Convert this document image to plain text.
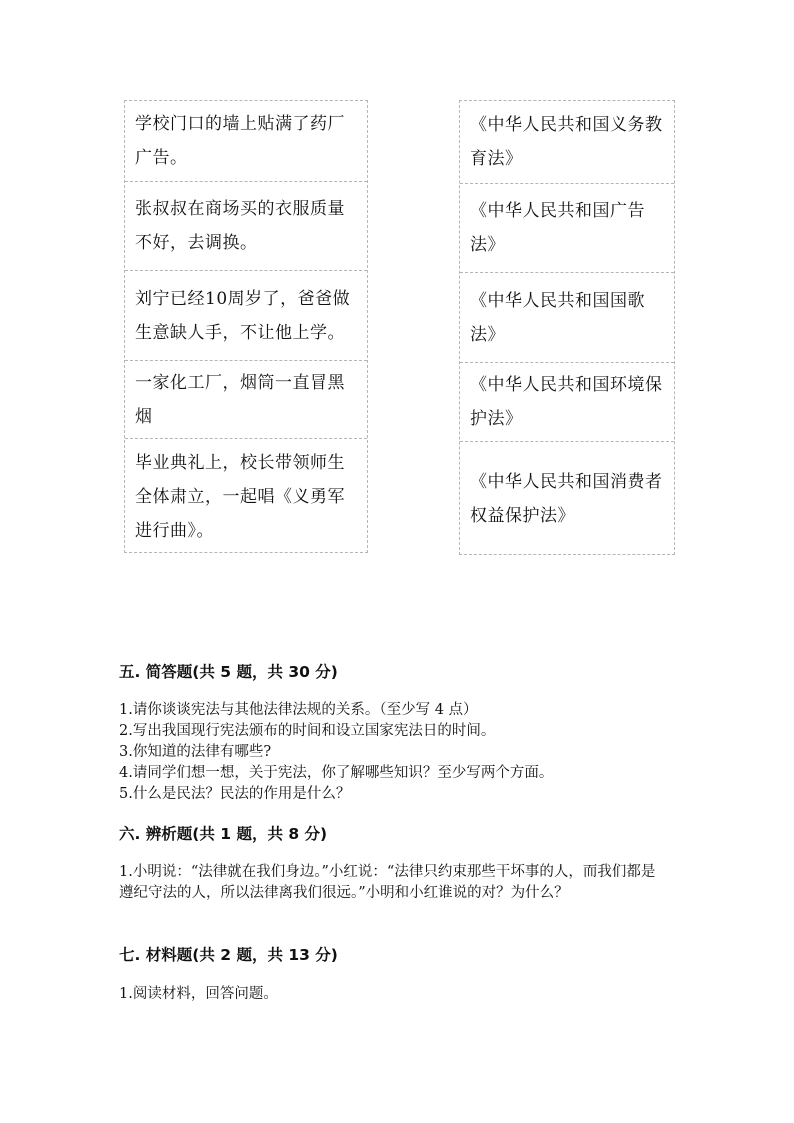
学校门口的墙上贴满了药厂广告。
张叔叔在商场买的衣服质量不好，去调换。
刘宁已经10周岁了，爸爸做生意缺人手，不让他上学。
一家化工厂，烟筒一直冒黑烟
毕业典礼上，校长带领师生全体肃立，一起唱《义勇军进行曲》。
《中华人民共和国义务教育法》
《中华人民共和国广告法》
《中华人民共和国国歌法》
《中华人民共和国环境保护法》
《中华人民共和国消费者权益保护法》
五. 简答题(共 5 题，共 30 分)
1.请你谈谈宪法与其他法律法规的关系。（至少写 4 点）
2.写出我国现行宪法颁布的时间和设立国家宪法日的时间。
3.你知道的法律有哪些?
4.请同学们想一想，关于宪法，你了解哪些知识？至少写两个方面。
5.什么是民法？民法的作用是什么？
六. 辨析题(共 1 题，共 8 分)
1.小明说：“法律就在我们身边。”小红说：“法律只约束那些干坏事的人，而我们都是遵纪守法的人，所以法律离我们很远。”小明和小红谁说的对？为什么？
七. 材料题(共 2 题，共 13 分)
1.阅读材料，回答问题。
